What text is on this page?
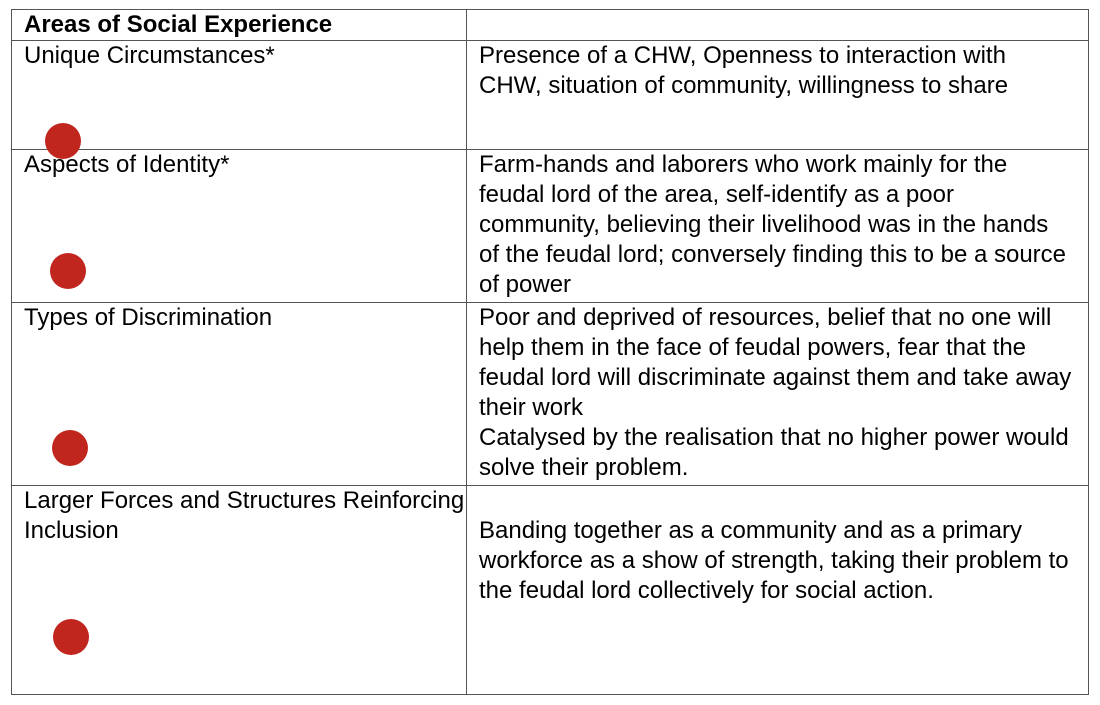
Areas of Social Experience	

Unique Circumstances*	Presence of a CHW, Openness to interaction with CHW, situation of community, willingness to share

Aspects of Identity*	Farm-hands and laborers who work mainly for the feudal lord of the area, self-identify as a poor community, believing their livelihood was in the hands of the feudal lord; conversely finding this to be a source of power

Types of Discrimination	Poor and deprived of resources, belief that no one will help them in the face of feudal powers, fear that the feudal lord will discriminate against them and take away their work
Catalysed by the realisation that no higher power would solve their problem.

Larger Forces and Structures Reinforcing Inclusion	Banding together as a community and as a primary workforce as a show of strength, taking their problem to the feudal lord collectively for social action.
